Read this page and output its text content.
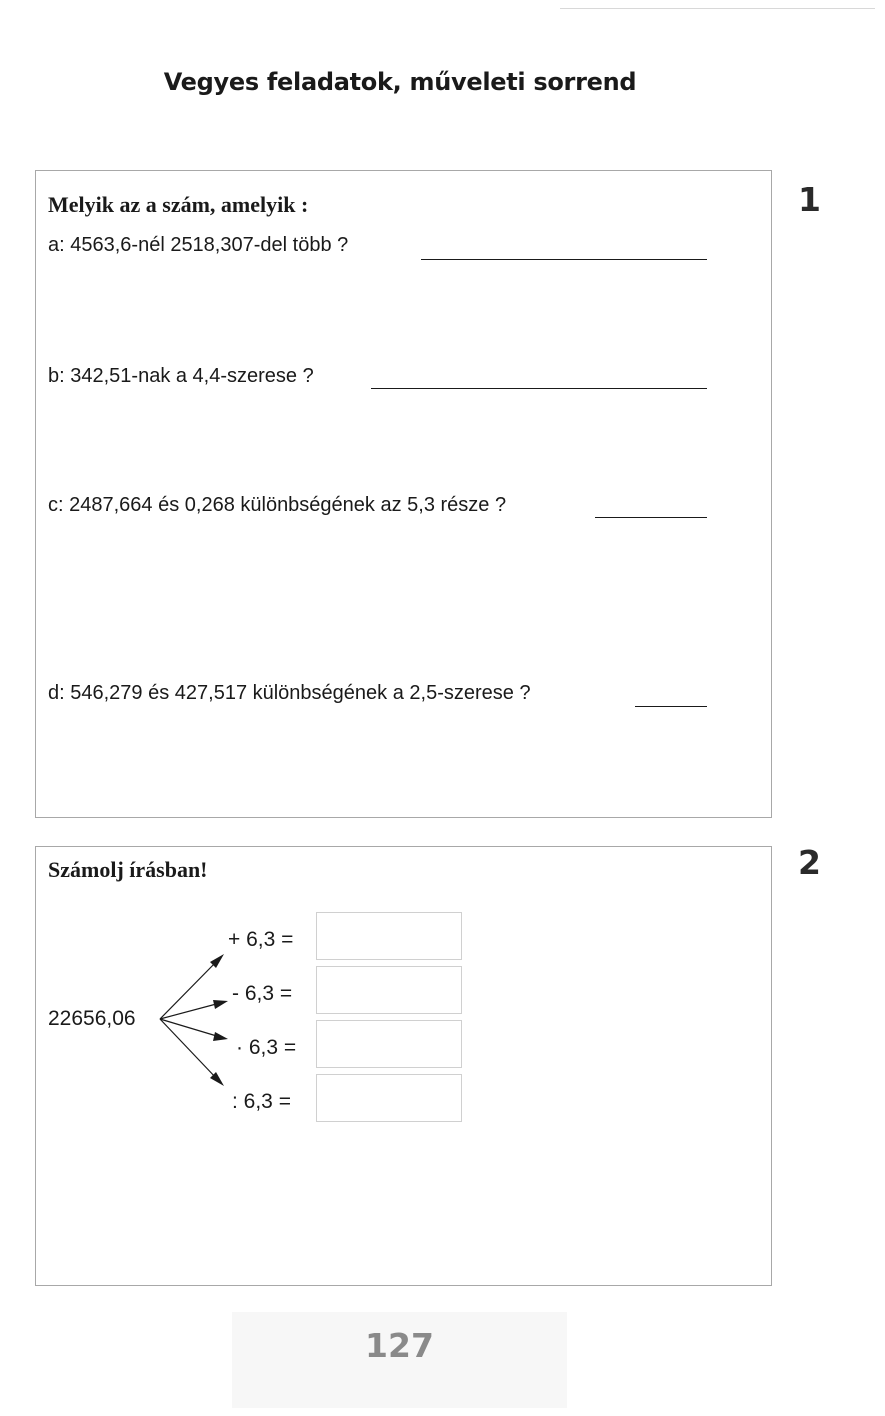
Vegyes feladatok, műveleti sorrend
1
Melyik az a szám, amelyik :
a: 4563,6-nél 2518,307-del több ?
b: 342,51-nak a 4,4-szerese ?
c: 2487,664 és 0,268 különbségének az 5,3 része ?
d: 546,279 és 427,517 különbségének a 2,5-szerese ?
2
Számolj írásban!
22656,06
+ 6,3 =
- 6,3 =
· 6,3 =
: 6,3 =
127
